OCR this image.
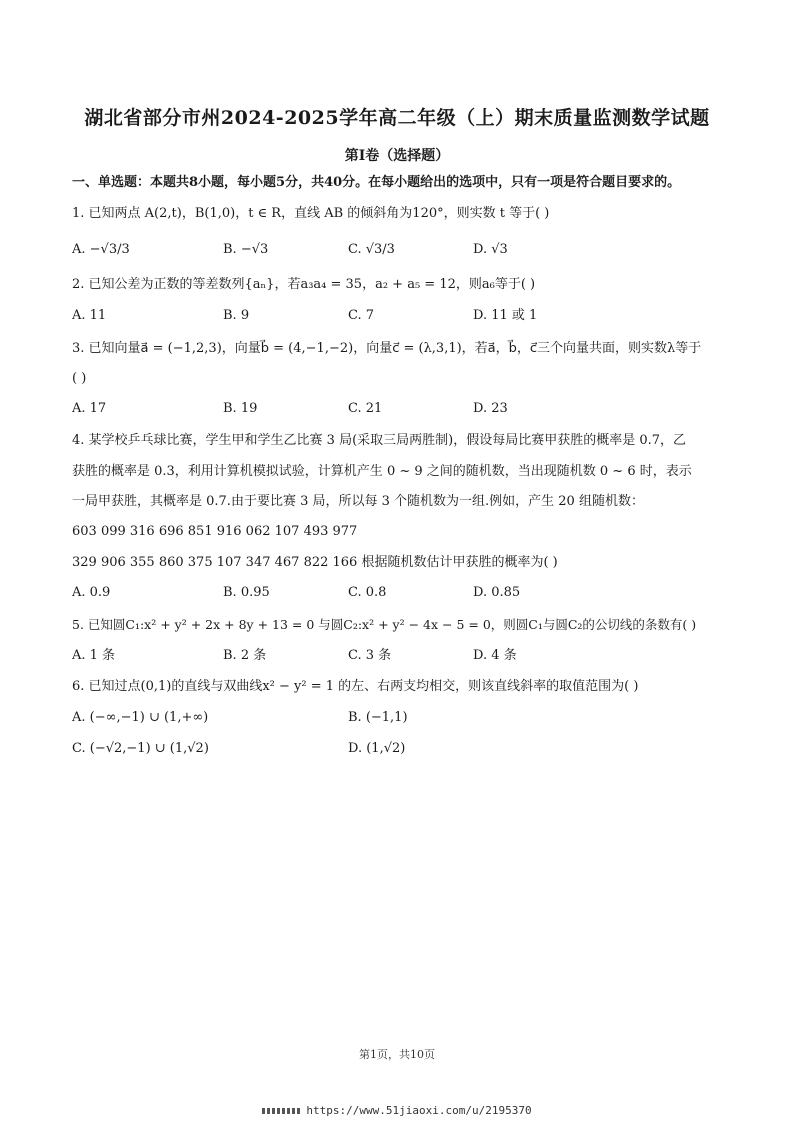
湖北省部分市州2024-2025学年高二年级（上）期末质量监测数学试题
第I卷（选择题）
一、单选题：本题共8小题，每小题5分，共40分。在每小题给出的选项中，只有一项是符合题目要求的。
1. 已知两点 A(2,t)，B(1,0)，t ∈ R，直线 AB 的倾斜角为120°，则实数 t 等于( )
A. −√3/3	B. −√3	C. √3/3	D. √3
2. 已知公差为正数的等差数列{aₙ}，若a₃a₄ = 35，a₂ + a₅ = 12，则a₆等于( )
A. 11	B. 9	C. 7	D. 11 或 1
3. 已知向量a⃗ = (−1,2,3)，向量b⃗ = (4,−1,−2)，向量c⃗ = (λ,3,1)，若a⃗，b⃗，c⃗三个向量共面，则实数λ等于
( )
A. 17	B. 19	C. 21	D. 23
4. 某学校乒乓球比赛，学生甲和学生乙比赛 3 局(采取三局两胜制)，假设每局比赛甲获胜的概率是 0.7，乙
获胜的概率是 0.3，利用计算机模拟试验，计算机产生 0 ~ 9 之间的随机数，当出现随机数 0 ~ 6 时，表示
一局甲获胜，其概率是 0.7.由于要比赛 3 局，所以每 3 个随机数为一组.例如，产生 20 组随机数：
603 099 316 696 851 916 062 107 493 977
329 906 355 860 375 107 347 467 822 166 根据随机数估计甲获胜的概率为( )
A. 0.9	B. 0.95	C. 0.8	D. 0.85
5. 已知圆C₁:x² + y² + 2x + 8y + 13 = 0 与圆C₂:x² + y² − 4x − 5 = 0，则圆C₁与圆C₂的公切线的条数有( )
A. 1 条	B. 2 条	C. 3 条	D. 4 条
6. 已知过点(0,1)的直线与双曲线x² − y² = 1 的左、右两支均相交，则该直线斜率的取值范围为( )
A. (−∞,−1) ∪ (1,+∞)	B. (−1,1)
C. (−√2,−1) ∪ (1,√2)	D. (1,√2)
第1页，共10页
https://www.51jiaoxi.com/u/2195370
